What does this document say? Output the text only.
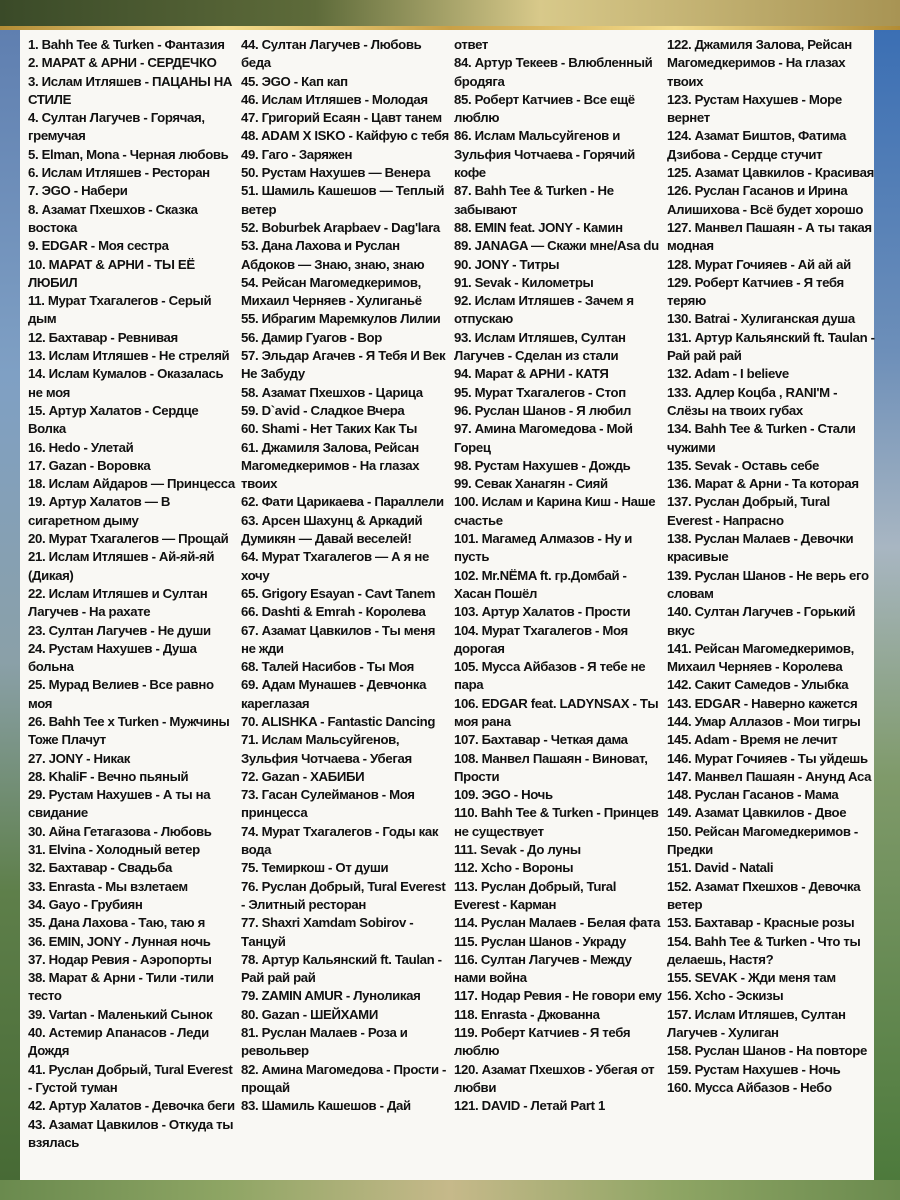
1. Bahh Tee & Turken - Фантазия
2. МАРАТ & АРНИ - СЕРДЕЧКО
3. Ислам Итляшев - ПАЦАНЫ НА СТИЛЕ
4. Султан Лагучев - Горячая, гремучая
5. Elman, Mona - Черная любовь
6. Ислам Итляшев - Ресторан
7. ЭGO - Набери
8. Азамат Пхешхов - Сказка востока
9. EDGAR - Моя сестра
10. МАРАТ & АРНИ - ТЫ ЕЁ ЛЮБИЛ
11. Мурат Тхагалегов - Серый дым
12. Бахтавар - Ревнивая
13. Ислам Итляшев - Не стреляй
14. Ислам Кумалов - Оказалась не моя
15. Артур Халатов - Сердце Волка
16. Hedo - Улетай
17. Gazan - Воровка
18. Ислам Айдаров — Принцесса
19. Артур Халатов — В сигаретном дыму
20. Мурат Тхагалегов — Прощай
21. Ислам Итляшев - Ай-яй-яй (Дикая)
22. Ислам Итляшев и Султан Лагучев - На рахате
23. Султан Лагучев - Не души
24. Рустам Нахушев - Душа больна
25. Мурад Велиев - Все равно моя
26. Bahh Tee x Turken - Мужчины Тоже Плачут
27. JONY - Никак
28. KhaliF - Вечно пьяный
29. Рустам Нахушев - А ты на свидание
30. Айна Гетагазова - Любовь
31. Elvina - Холодный ветер
32. Бахтавар - Свадьба
33. Enrasta - Мы взлетаем
34. Gayo - Грубиян
35. Дана Лахова - Таю, таю я
36. EMIN, JONY - Лунная ночь
37. Нодар Ревия - Аэропорты
38. Марат & Арни - Тили -тили тесто
39. Vartan - Маленький Сынок
40. Астемир Апанасов - Леди Дождя
41. Руслан Добрый, Tural Everest - Густой туман
42. Артур Халатов - Девочка беги
43. Азамат Цавкилов - Откуда ты взялась
44. Султан Лагучев - Любовь беда
45. ЭGO - Кап кап
46. Ислам Итляшев - Молодая
47. Григорий Есаян - Цавт танем
48. ADAM X ISKO - Кайфую с тебя
49. Гаго - Заряжен
50. Рустам Нахушев — Венера
51. Шамиль Кашешов — Теплый ветер
52. Boburbek Arapbaev - Dag'lara
53. Дана Лахова и Руслан Абдоков — Знаю, знаю, знаю
54. Рейсан Магомедкеримов, Михаил Черняев - Хулиганьё
55. Ибрагим Маремкулов Лилии
56. Дамир Гуагов - Вор
57. Эльдар Агачев - Я Тебя И Век Не Забуду
58. Азамат Пхешхов - Царица
59. D`avid - Сладкое Вчера
60. Shami - Нет Таких Как Ты
61. Джамиля Залова, Рейсан Магомедкеримов - На глазах твоих
62. Фати Царикаева - Параллели
63. Арсен Шахунц & Аркадий Думикян — Давай веселей!
64. Мурат Тхагалегов — А я не хочу
65. Grigory Esayan - Cavt Tanem
66. Dashti & Emrah - Королева
67. Азамат Цавкилов - Ты меня не жди
68. Талей Насибов - Ты Моя
69. Адам Мунашев - Девчонка кареглазая
70. ALISHKA - Fantastic Dancing
71. Ислам Мальсуйгенов, Зульфия Чотчаева - Убегая
72. Gazan - ХАБИБИ
73. Гасан Сулейманов - Моя принцесса
74. Мурат Тхагалегов - Годы как вода
75. Темиркош - От души
76. Руслан Добрый, Tural Everest - Элитный ресторан
77. Shaxri Xamdam Sobirov - Танцуй
78. Артур Кальянский ft. Taulan - Рай рай рай
79. ZAMIN AMUR - Луноликая
80. Gazan - ШЕЙХАМИ
81. Руслан Малаев - Роза и револьвер
82. Амина Магомедова - Прости - прощай
83. Шамиль Кашешов - Дай
ответ
84. Артур Текеев - Влюбленный бродяга
85. Роберт Катчиев - Все ещё люблю
86. Ислам Мальсуйгенов и Зульфия Чотчаева - Горячий кофе
87. Bahh Tee & Turken - Не забывают
88. EMIN feat. JONY - Камин
89. JANAGA — Скажи мне/Asa du
90. JONY - Титры
91. Sevak - Километры
92. Ислам Итляшев - Зачем я отпускаю
93. Ислам Итляшев, Султан Лагучев - Сделан из стали
94. Марат & АРНИ - КАТЯ
95. Мурат Тхагалегов - Стоп
96. Руслан Шанов - Я любил
97. Амина Магомедова - Мой Горец
98. Рустам Нахушев - Дождь
99. Севак Ханагян - Сияй
100. Ислам и Карина Киш - Наше счастье
101. Магамед Алмазов - Ну и пусть
102. Mr.NЁMA ft. гр.Домбай - Хасан Пошёл
103. Артур Халатов - Прости
104. Мурат Тхагалегов - Моя дорогая
105. Мусса Айбазов - Я тебе не пара
106. EDGAR feat. LADYNSAX - Ты моя рана
107. Бахтавар - Четкая дама
108. Манвел Пашаян - Виноват, Прости
109. ЭGO - Ночь
110. Bahh Tee & Turken - Принцев не существует
111. Sevak - До луны
112. Xcho - Вороны
113. Руслан Добрый, Tural Everest - Карман
114. Руслан Малаев - Белая фата
115. Руслан Шанов - Украду
116. Султан Лагучев - Между нами война
117. Нодар Ревия - Не говори ему
118. Enrasta - Джованна
119. Роберт Катчиев - Я тебя люблю
120. Азамат Пхешхов - Убегая от любви
121. DAVID - Летай Part 1
122. Джамиля Залова, Рейсан Магомедкеримов - На глазах твоих
123. Рустам Нахушев - Море вернет
124. Азамат Биштов, Фатима Дзибова - Сердце стучит
125. Азамат Цавкилов - Красивая
126. Руслан Гасанов и Ирина Алишихова - Всё будет хорошо
127. Манвел Пашаян - А ты такая модная
128. Мурат Гочияев - Ай ай ай
129. Роберт Катчиев - Я тебя теряю
130. Batrai - Хулиганская душа
131. Артур Кальянский ft. Taulan - Рай рай рай
132. Adam - I believe
133. Адлер Коцба , RANI'M - Слёзы на твоих губах
134. Bahh Tee & Turken - Стали чужими
135. Sevak - Оставь себе
136. Марат & Арни - Та которая
137. Руслан Добрый, Tural Everest - Напрасно
138. Руслан Малаев - Девочки красивые
139. Руслан Шанов - Не верь его словам
140. Султан Лагучев - Горький вкус
141. Рейсан Магомедкеримов, Михаил Черняев - Королева
142. Сакит Самедов - Улыбка
143. EDGAR - Наверно кажется
144. Умар Аллазов - Мои тигры
145. Adam - Время не лечит
146. Мурат Гочияев - Ты уйдешь
147. Манвел Пашаян - Анунд Аса
148. Руслан Гасанов - Мама
149. Азамат Цавкилов - Двое
150. Рейсан Магомедкеримов - Предки
151. David - Natali
152. Азамат Пхешхов - Девочка ветер
153. Бахтавар - Красные розы
154. Bahh Tee & Turken - Что ты делаешь, Настя?
155. SEVAK - Жди меня там
156. Xcho - Эскизы
157. Ислам Итляшев, Султан Лагучев - Хулиган
158. Руслан Шанов - На повторе
159. Рустам Нахушев - Ночь
160. Мусса Айбазов - Небо
